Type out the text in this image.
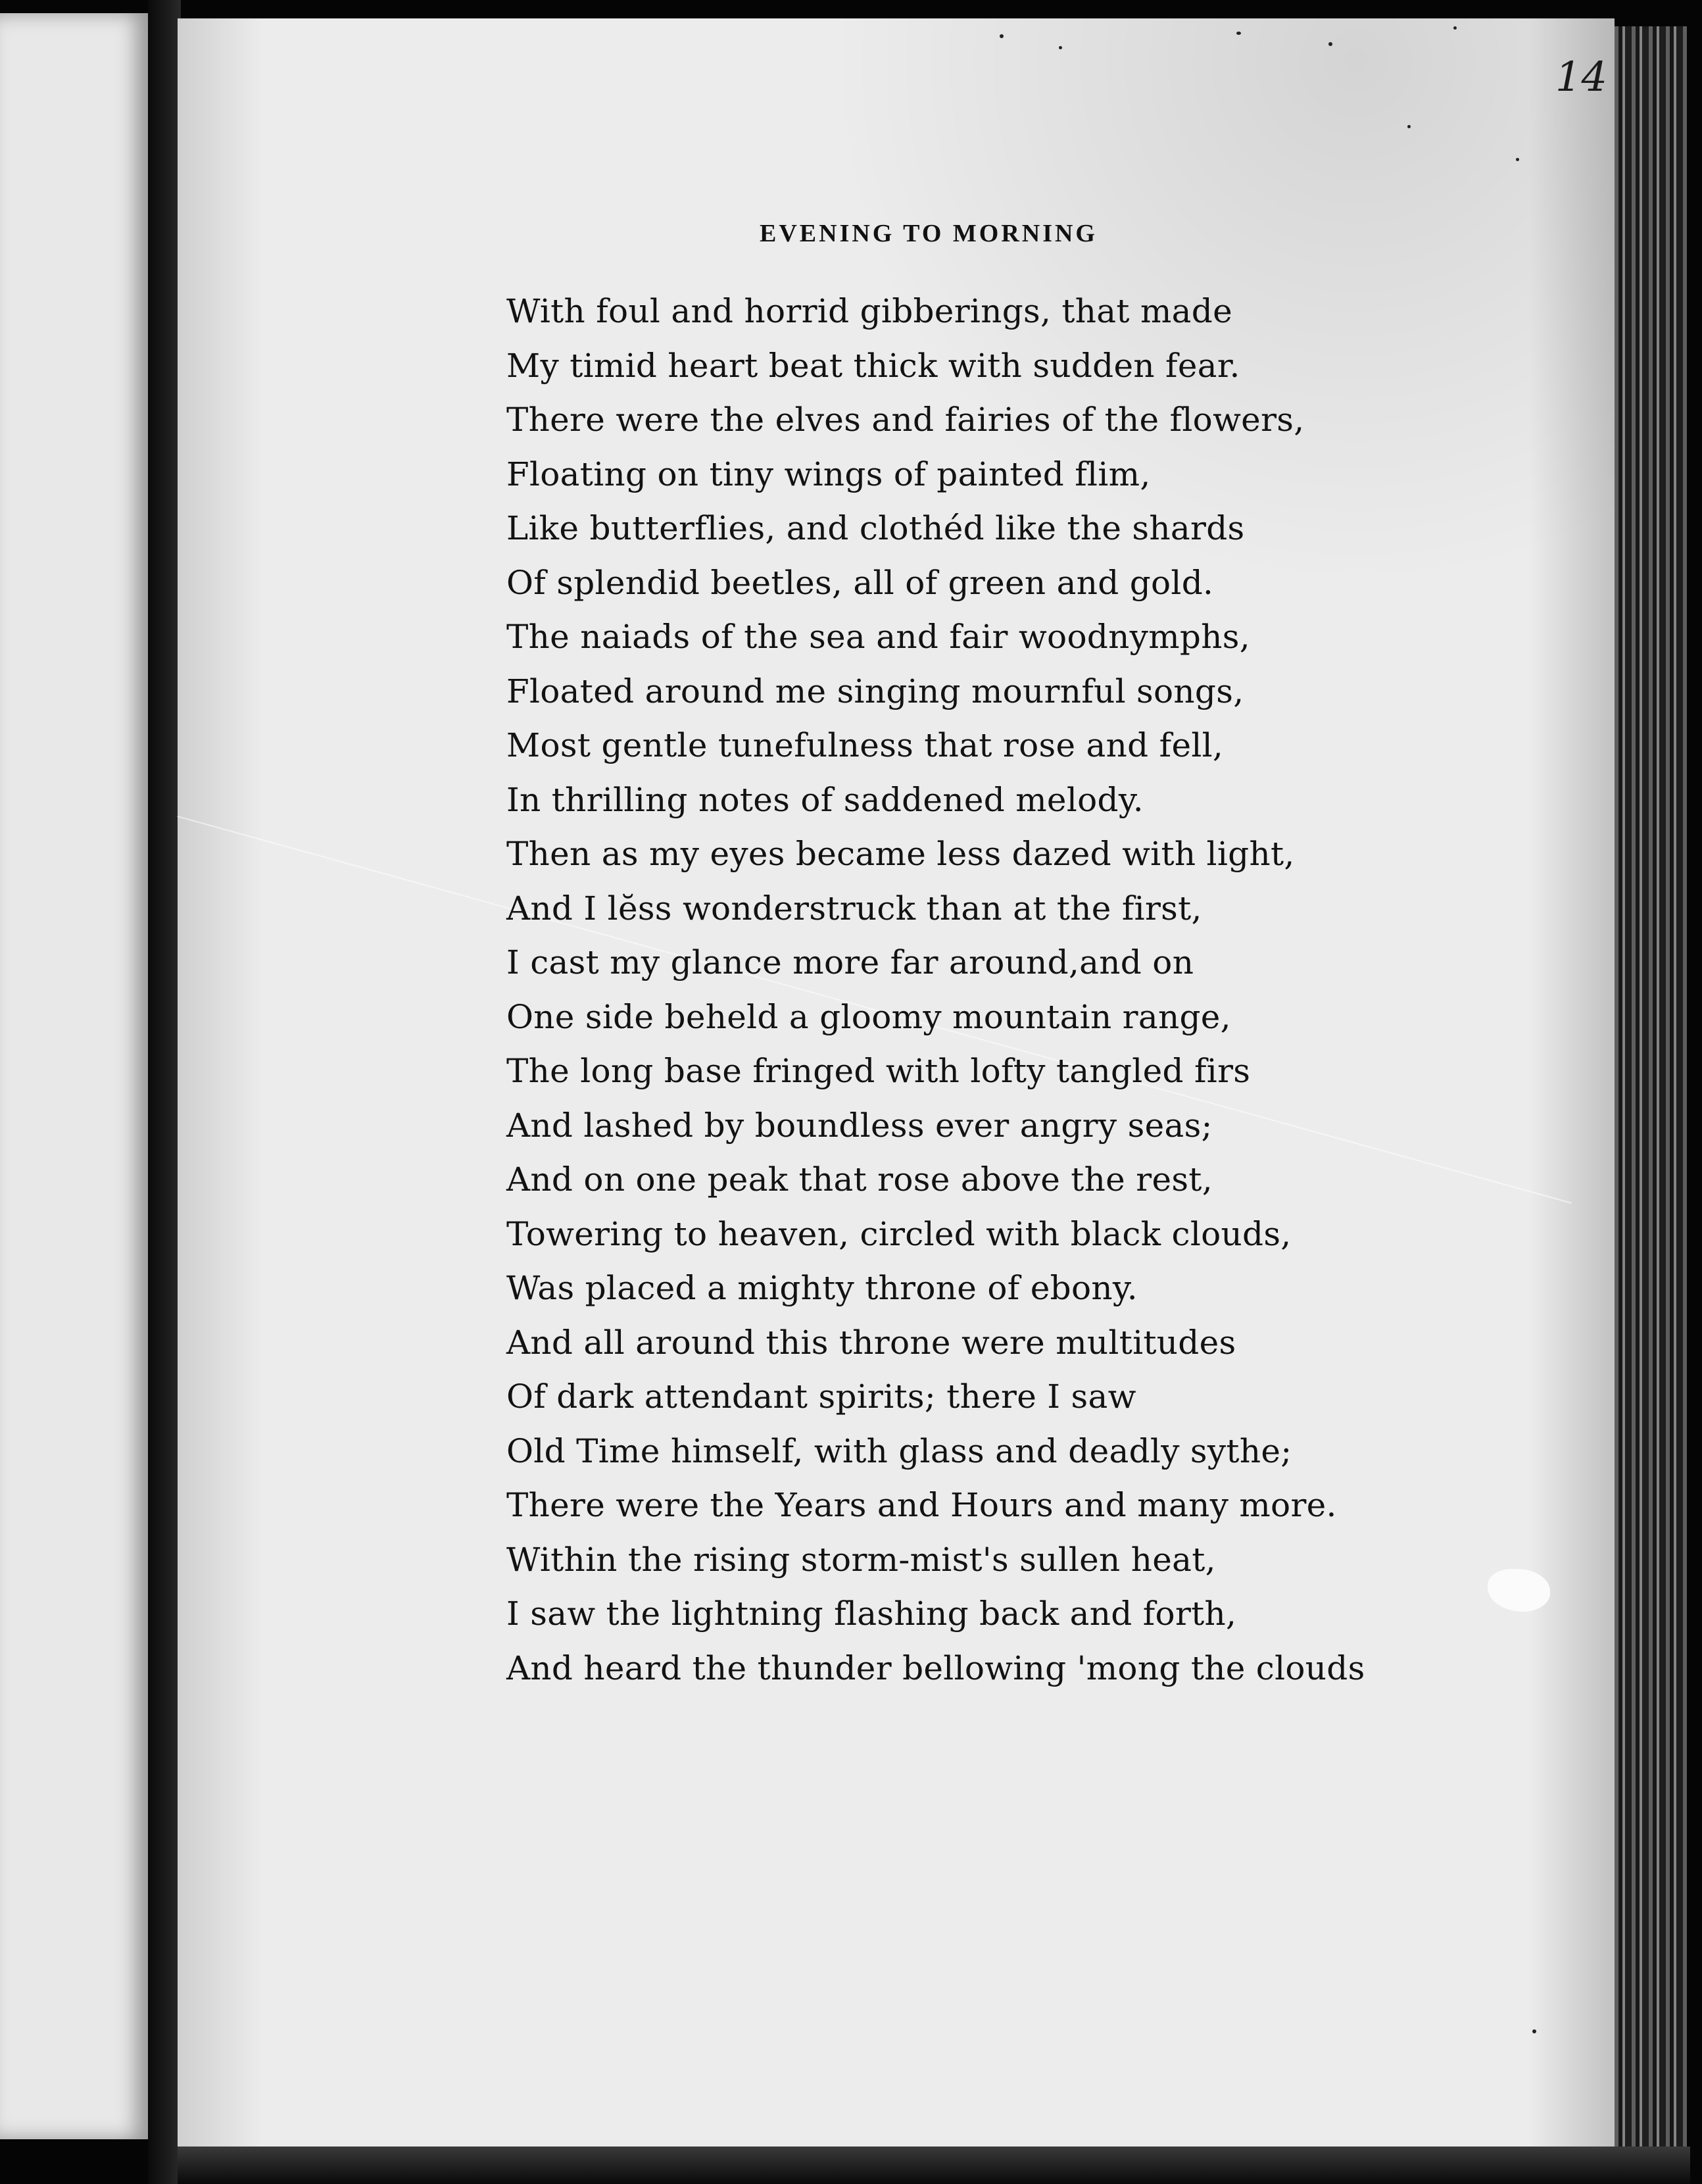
14
EVENING TO MORNING
With foul and horrid gibberings, that made
My timid heart beat thick with sudden fear.
There were the elves and fairies of the flowers,
Floating on tiny wings of painted flim,
Like butterflies, and clothéd like the shards
Of splendid beetles, all of green and gold.
The naiads of the sea and fair woodnymphs,
Floated around me singing mournful songs,
Most gentle tunefulness that rose and fell,
In thrilling notes of saddened melody.
Then as my eyes became less dazed with light,
And I lĕss wonderstruck than at the first,
I cast my glance more far around,and on
One side beheld a gloomy mountain range,
The long base fringed with lofty tangled firs
And lashed by boundless ever angry seas;
And on one peak that rose above the rest,
Towering to heaven, circled with black clouds,
Was placed a mighty throne of ebony.
And all around this throne were multitudes
Of dark attendant spirits; there I saw
Old Time himself, with glass and deadly sythe;
There were the Years and Hours and many more.
Within the rising storm-mist's sullen heat,
I saw the lightning flashing back and forth,
And heard the thunder bellowing 'mong the clouds
